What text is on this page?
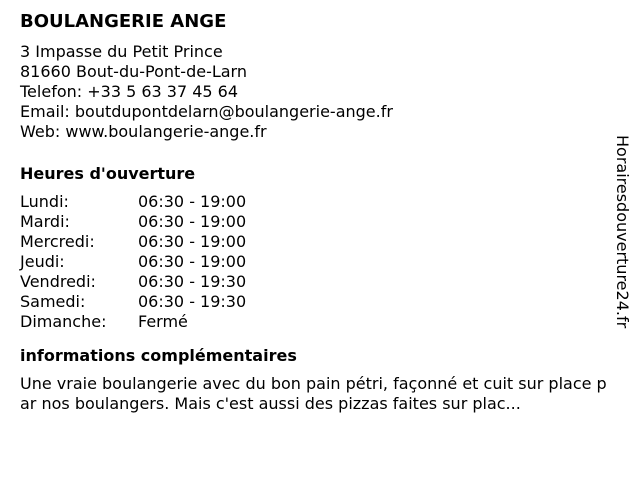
BOULANGERIE ANGE
3 Impasse du Petit Prince
81660 Bout-du-Pont-de-Larn
Telefon: +33 5 63 37 45 64
Email: boutdupontdelarn@boulangerie-ange.fr
Web: www.boulangerie-ange.fr
Heures d'ouverture
Lundi:	06:30 - 19:00
Mardi:	06:30 - 19:00
Mercredi:	06:30 - 19:00
Jeudi:	06:30 - 19:00
Vendredi:	06:30 - 19:30
Samedi:	06:30 - 19:30
Dimanche:	Fermé
informations complémentaires
Une vraie boulangerie avec du bon pain pétri, façonné et cuit sur place par nos boulangers. Mais c'est aussi des pizzas faites sur plac...
Horairesdouverture24.fr
